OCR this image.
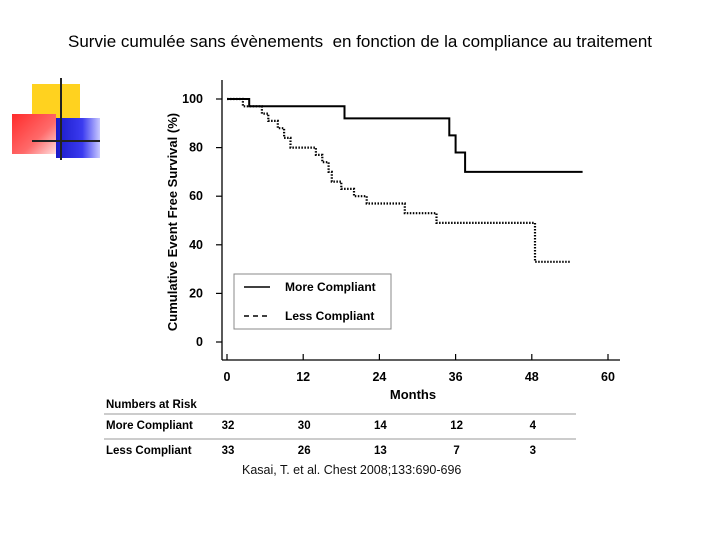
Survie cumulée sans évènements  en fonction de la compliance au traitement
0
20
40
60
80
100
0	12	24	36	48	60
Months
Cumulative Event Free Survival (%)	More Compliant
Less Compliant
Numbers at Risk
More Compliant 32	30	14	12	4
Less Compliant	33	26	13	7	3
Kasai, T. et al. Chest 2008;133:690-696
